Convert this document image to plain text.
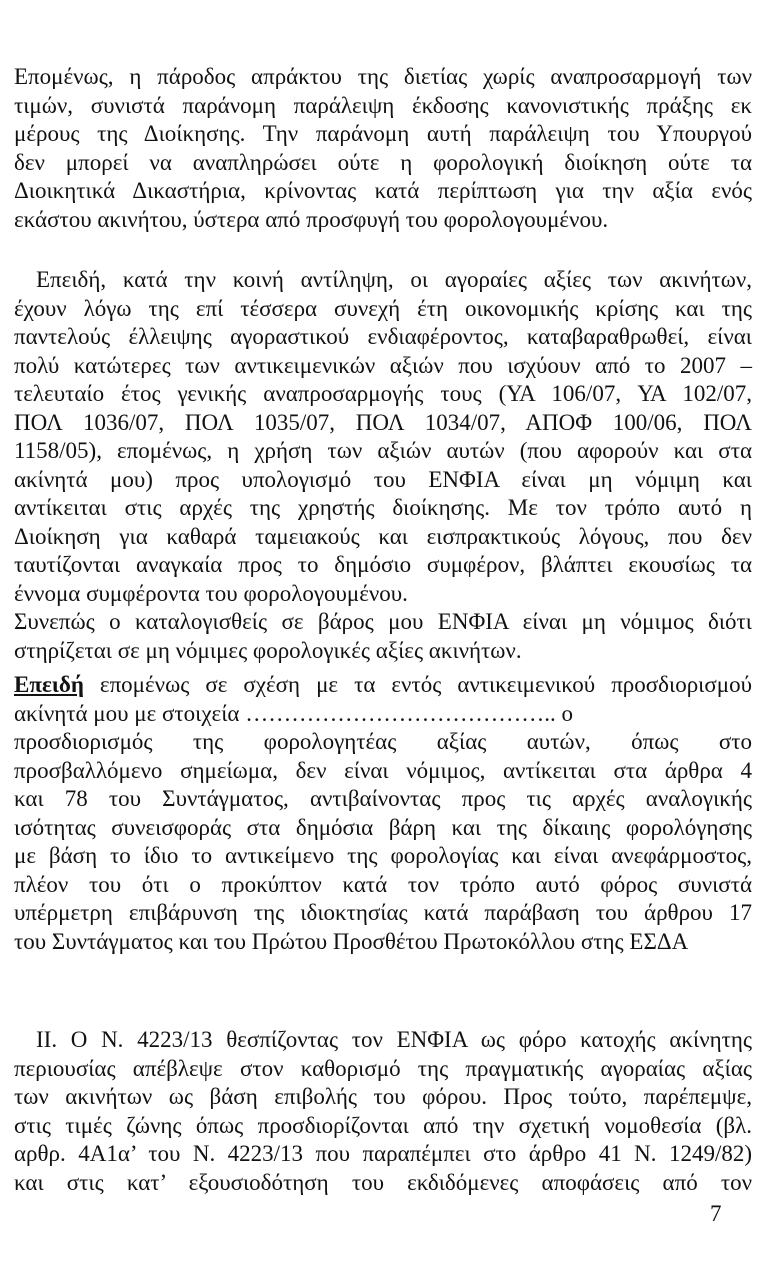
Επομένως, η πάροδος απράκτου της διετίας χωρίς αναπροσαρμογή των
τιμών, συνιστά παράνομη παράλειψη έκδοσης κανονιστικής πράξης εκ
μέρους της Διοίκησης. Την παράνομη αυτή παράλειψη του Υπουργού
δεν μπορεί να αναπληρώσει ούτε η φορολογική διοίκηση ούτε τα
Διοικητικά Δικαστήρια, κρίνοντας κατά περίπτωση για την αξία ενός
εκάστου ακινήτου, ύστερα από προσφυγή του φορολογουμένου.
Επειδή, κατά την κοινή αντίληψη, οι αγοραίες αξίες των ακινήτων,
έχουν λόγω της επί τέσσερα συνεχή έτη οικονομικής κρίσης και της
παντελούς έλλειψης αγοραστικού ενδιαφέροντος, καταβαραθρωθεί, είναι
πολύ κατώτερες των αντικειμενικών αξιών που ισχύουν από το 2007 –
τελευταίο έτος γενικής αναπροσαρμογής τους (ΥΑ 106/07, ΥΑ 102/07,
ΠΟΛ 1036/07, ΠΟΛ 1035/07, ΠΟΛ 1034/07, ΑΠΟΦ 100/06, ΠΟΛ
1158/05), επομένως, η χρήση των αξιών αυτών (που αφορούν και στα
ακίνητά μου) προς υπολογισμό του ΕΝΦΙΑ είναι μη νόμιμη και
αντίκειται στις αρχές της χρηστής διοίκησης. Με τον τρόπο αυτό η
Διοίκηση για καθαρά ταμειακούς και εισπρακτικούς λόγους, που δεν
ταυτίζονται αναγκαία προς το δημόσιο συμφέρον, βλάπτει εκουσίως τα
έννομα συμφέροντα του φορολογουμένου.
Συνεπώς ο καταλογισθείς σε βάρος μου ΕΝΦΙΑ είναι μη νόμιμος διότι
στηρίζεται σε μη νόμιμες φορολογικές αξίες ακινήτων.
Επειδή επομένως σε σχέση με τα εντός αντικειμενικού προσδιορισμού
ακίνητά μου με στοιχεία ………………………………….. ο
προσδιορισμός της φορολογητέας αξίας αυτών, όπως στο
προσβαλλόμενο σημείωμα, δεν είναι νόμιμος, αντίκειται στα άρθρα 4
και 78 του Συντάγματος, αντιβαίνοντας προς τις αρχές αναλογικής
ισότητας συνεισφοράς στα δημόσια βάρη και της δίκαιης φορολόγησης
με βάση το ίδιο το αντικείμενο της φορολογίας και είναι ανεφάρμοστος,
πλέον του ότι ο προκύπτον κατά τον τρόπο αυτό φόρος συνιστά
υπέρμετρη επιβάρυνση της ιδιοκτησίας κατά παράβαση του άρθρου 17
του Συντάγματος και του Πρώτου Προσθέτου Πρωτοκόλλου στης ΕΣΔΑ
II. Ο Ν. 4223/13 θεσπίζοντας τον ΕΝΦΙΑ ως φόρο κατοχής ακίνητης
περιουσίας απέβλεψε στον καθορισμό της πραγματικής αγοραίας αξίας
των ακινήτων ως βάση επιβολής του φόρου. Προς τούτο, παρέπεμψε,
στις τιμές ζώνης όπως προσδιορίζονται από την σχετική νομοθεσία (βλ.
αρθρ. 4Α1α’ του Ν. 4223/13 που παραπέμπει στο άρθρο 41 Ν. 1249/82)
και στις κατ’ εξουσιοδότηση του εκδιδόμενες αποφάσεις από τον
7
